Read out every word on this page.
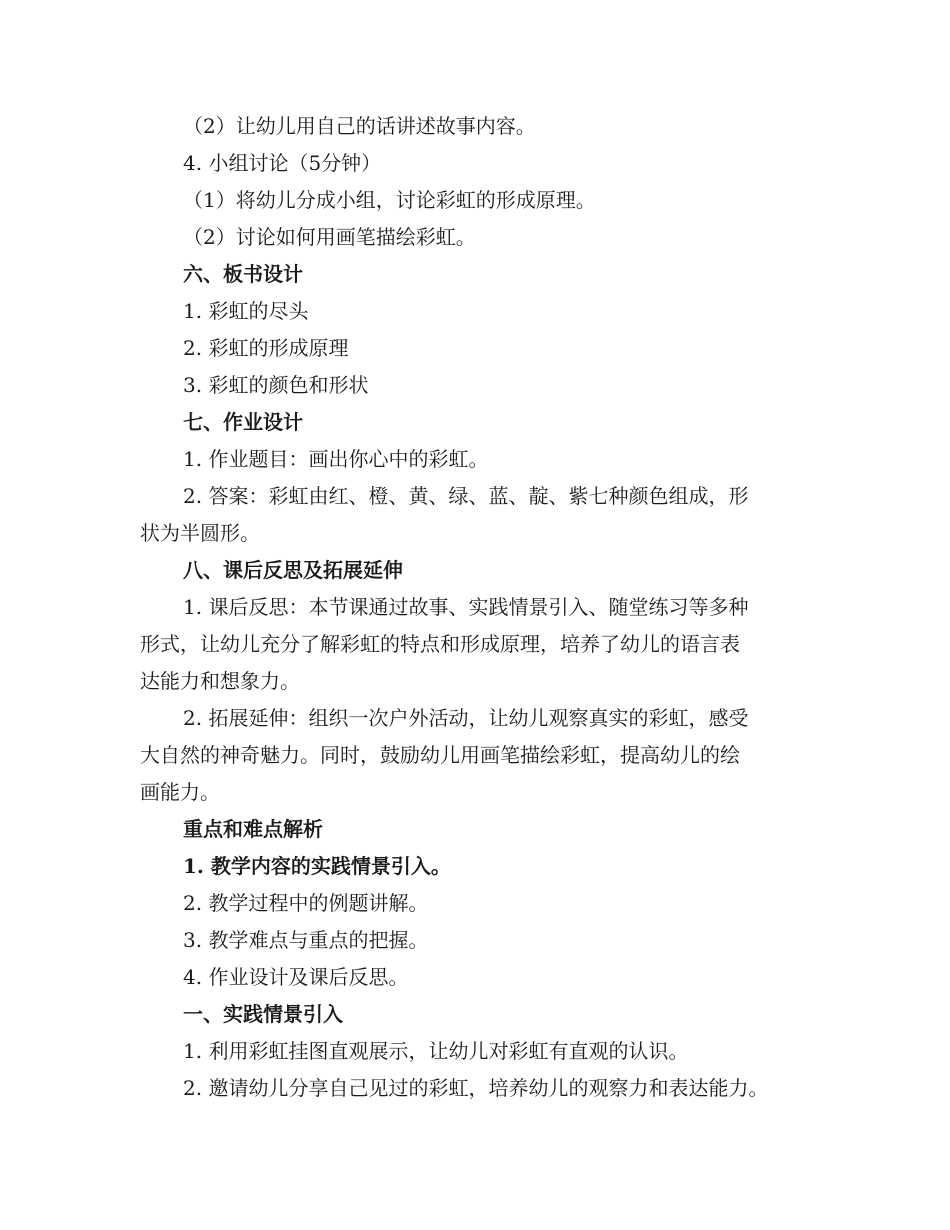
（2）让幼儿用自己的话讲述故事内容。
4. 小组讨论（5分钟）
（1）将幼儿分成小组，讨论彩虹的形成原理。
（2）讨论如何用画笔描绘彩虹。
六、板书设计
1. 彩虹的尽头
2. 彩虹的形成原理
3. 彩虹的颜色和形状
七、作业设计
1. 作业题目：画出你心中的彩虹。
2. 答案：彩虹由红、橙、黄、绿、蓝、靛、紫七种颜色组成，形
状为半圆形。
八、课后反思及拓展延伸
1. 课后反思：本节课通过故事、实践情景引入、随堂练习等多种
形式，让幼儿充分了解彩虹的特点和形成原理，培养了幼儿的语言表
达能力和想象力。
2. 拓展延伸：组织一次户外活动，让幼儿观察真实的彩虹，感受
大自然的神奇魅力。同时，鼓励幼儿用画笔描绘彩虹，提高幼儿的绘
画能力。
重点和难点解析
1. 教学内容的实践情景引入。
2. 教学过程中的例题讲解。
3. 教学难点与重点的把握。
4. 作业设计及课后反思。
一、实践情景引入
1. 利用彩虹挂图直观展示，让幼儿对彩虹有直观的认识。
2. 邀请幼儿分享自己见过的彩虹，培养幼儿的观察力和表达能力。
